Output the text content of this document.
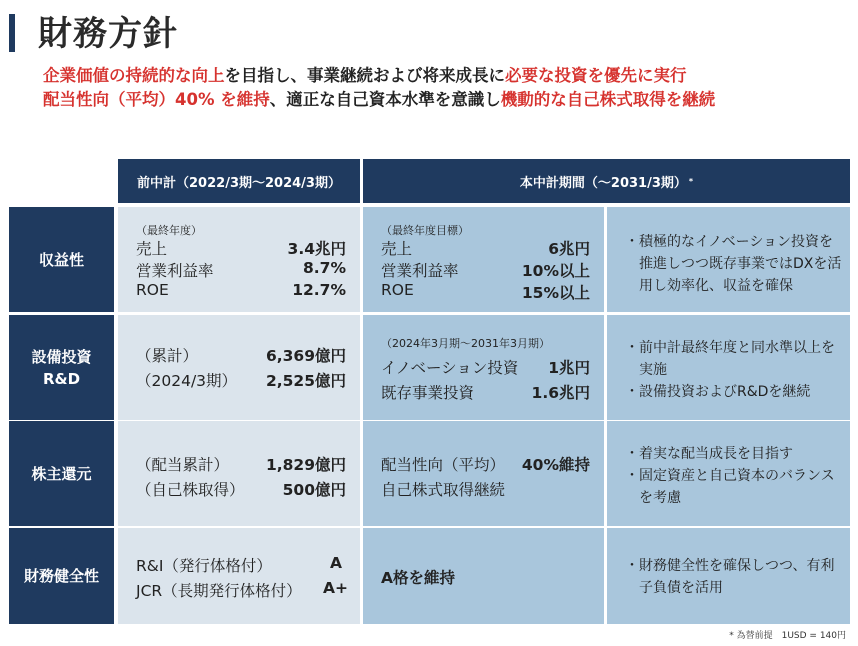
財務方針
企業価値の持続的な向上を目指し、事業継続および将来成長に必要な投資を優先に実行
配当性向（平均）40% を維持、適正な自己資本水準を意識し機動的な自己株式取得を継続
前中計（2022/3期～2024/3期）	本中計期間（～2031/3期） *
収益性
（最終年度）
売上	3.4兆円
営業利益率	8.7%
ROE	12.7%
（最終年度目標）
売上	6兆円
営業利益率	10%以上
ROE	15%以上
・積極的なイノベーション投資を推進しつつ既存事業ではDXを活用し効率化、収益を確保
設備投資
R&D
（累計）	6,369億円
（2024/3期） 2,525億円
（2024年3月期～2031年3月期）
イノベーション投資 1兆円
既存事業投資	1.6兆円
・前中計最終年度と同水準以上を実施
・設備投資およびR&Dを継続
株主還元	（配当累計） 1,829億円
（自己株取得） 500億円
配当性向（平均） 40%維持
自己株式取得継続
・着実な配当成長を目指す
・固定資産と自己資本のバランスを考慮
財務健全性
R&I（発行体格付）	A
JCR（長期発行体格付） A+
A格を維持
・財務健全性を確保しつつ、有利子負債を活用
* 為替前提　1USD = 140円
